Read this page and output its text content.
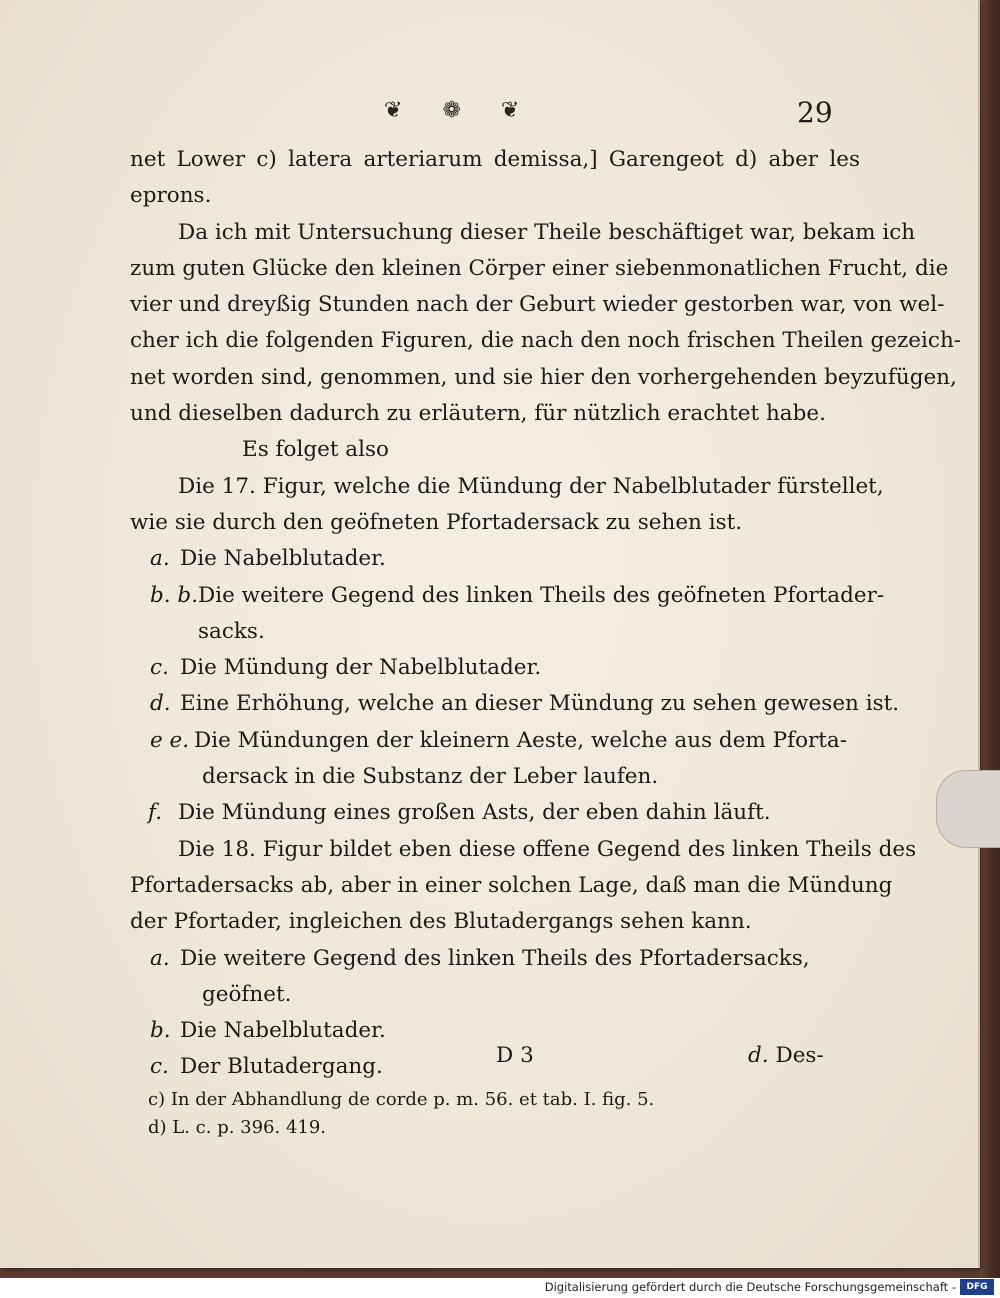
❦ ❁ ❦	29
net Lower c) latera arteriarum demissa,] Garengeot d) aber les
eprons.
Da ich mit Untersuchung dieser Theile beschäftiget war, bekam ich
zum guten Glücke den kleinen Cörper einer siebenmonatlichen Frucht, die
vier und dreyßig Stunden nach der Geburt wieder gestorben war, von wel-
cher ich die folgenden Figuren, die nach den noch frischen Theilen gezeich-
net worden sind, genommen, und sie hier den vorhergehenden beyzufügen,
und dieselben dadurch zu erläutern, für nützlich erachtet habe.
Es folget also
Die 17. Figur, welche die Mündung der Nabelblutader fürstellet,
wie sie durch den geöfneten Pfortadersack zu sehen ist.
a. Die Nabelblutader.
b. b.Die weitere Gegend des linken Theils des geöfneten Pfortader-
sacks.
c. Die Mündung der Nabelblutader.
d. Eine Erhöhung, welche an dieser Mündung zu sehen gewesen ist.
e e. Die Mündungen der kleinern Aeste, welche aus dem Pforta-
dersack in die Substanz der Leber laufen.
f. Die Mündung eines großen Asts, der eben dahin läuft.
Die 18. Figur bildet eben diese offene Gegend des linken Theils des
Pfortadersacks ab, aber in einer solchen Lage, daß man die Mündung
der Pfortader, ingleichen des Blutadergangs sehen kann.
a. Die weitere Gegend des linken Theils des Pfortadersacks,
geöfnet.
b. Die Nabelblutader.
c. Der Blutadergang.	D 3	d. Des-
c) In der Abhandlung de corde p. m. 56. et tab. I. fig. 5.
d) L. c. p. 396. 419.
Digitalisierung gefördert durch die Deutsche Forschungsgemeinschaft -	DFG
